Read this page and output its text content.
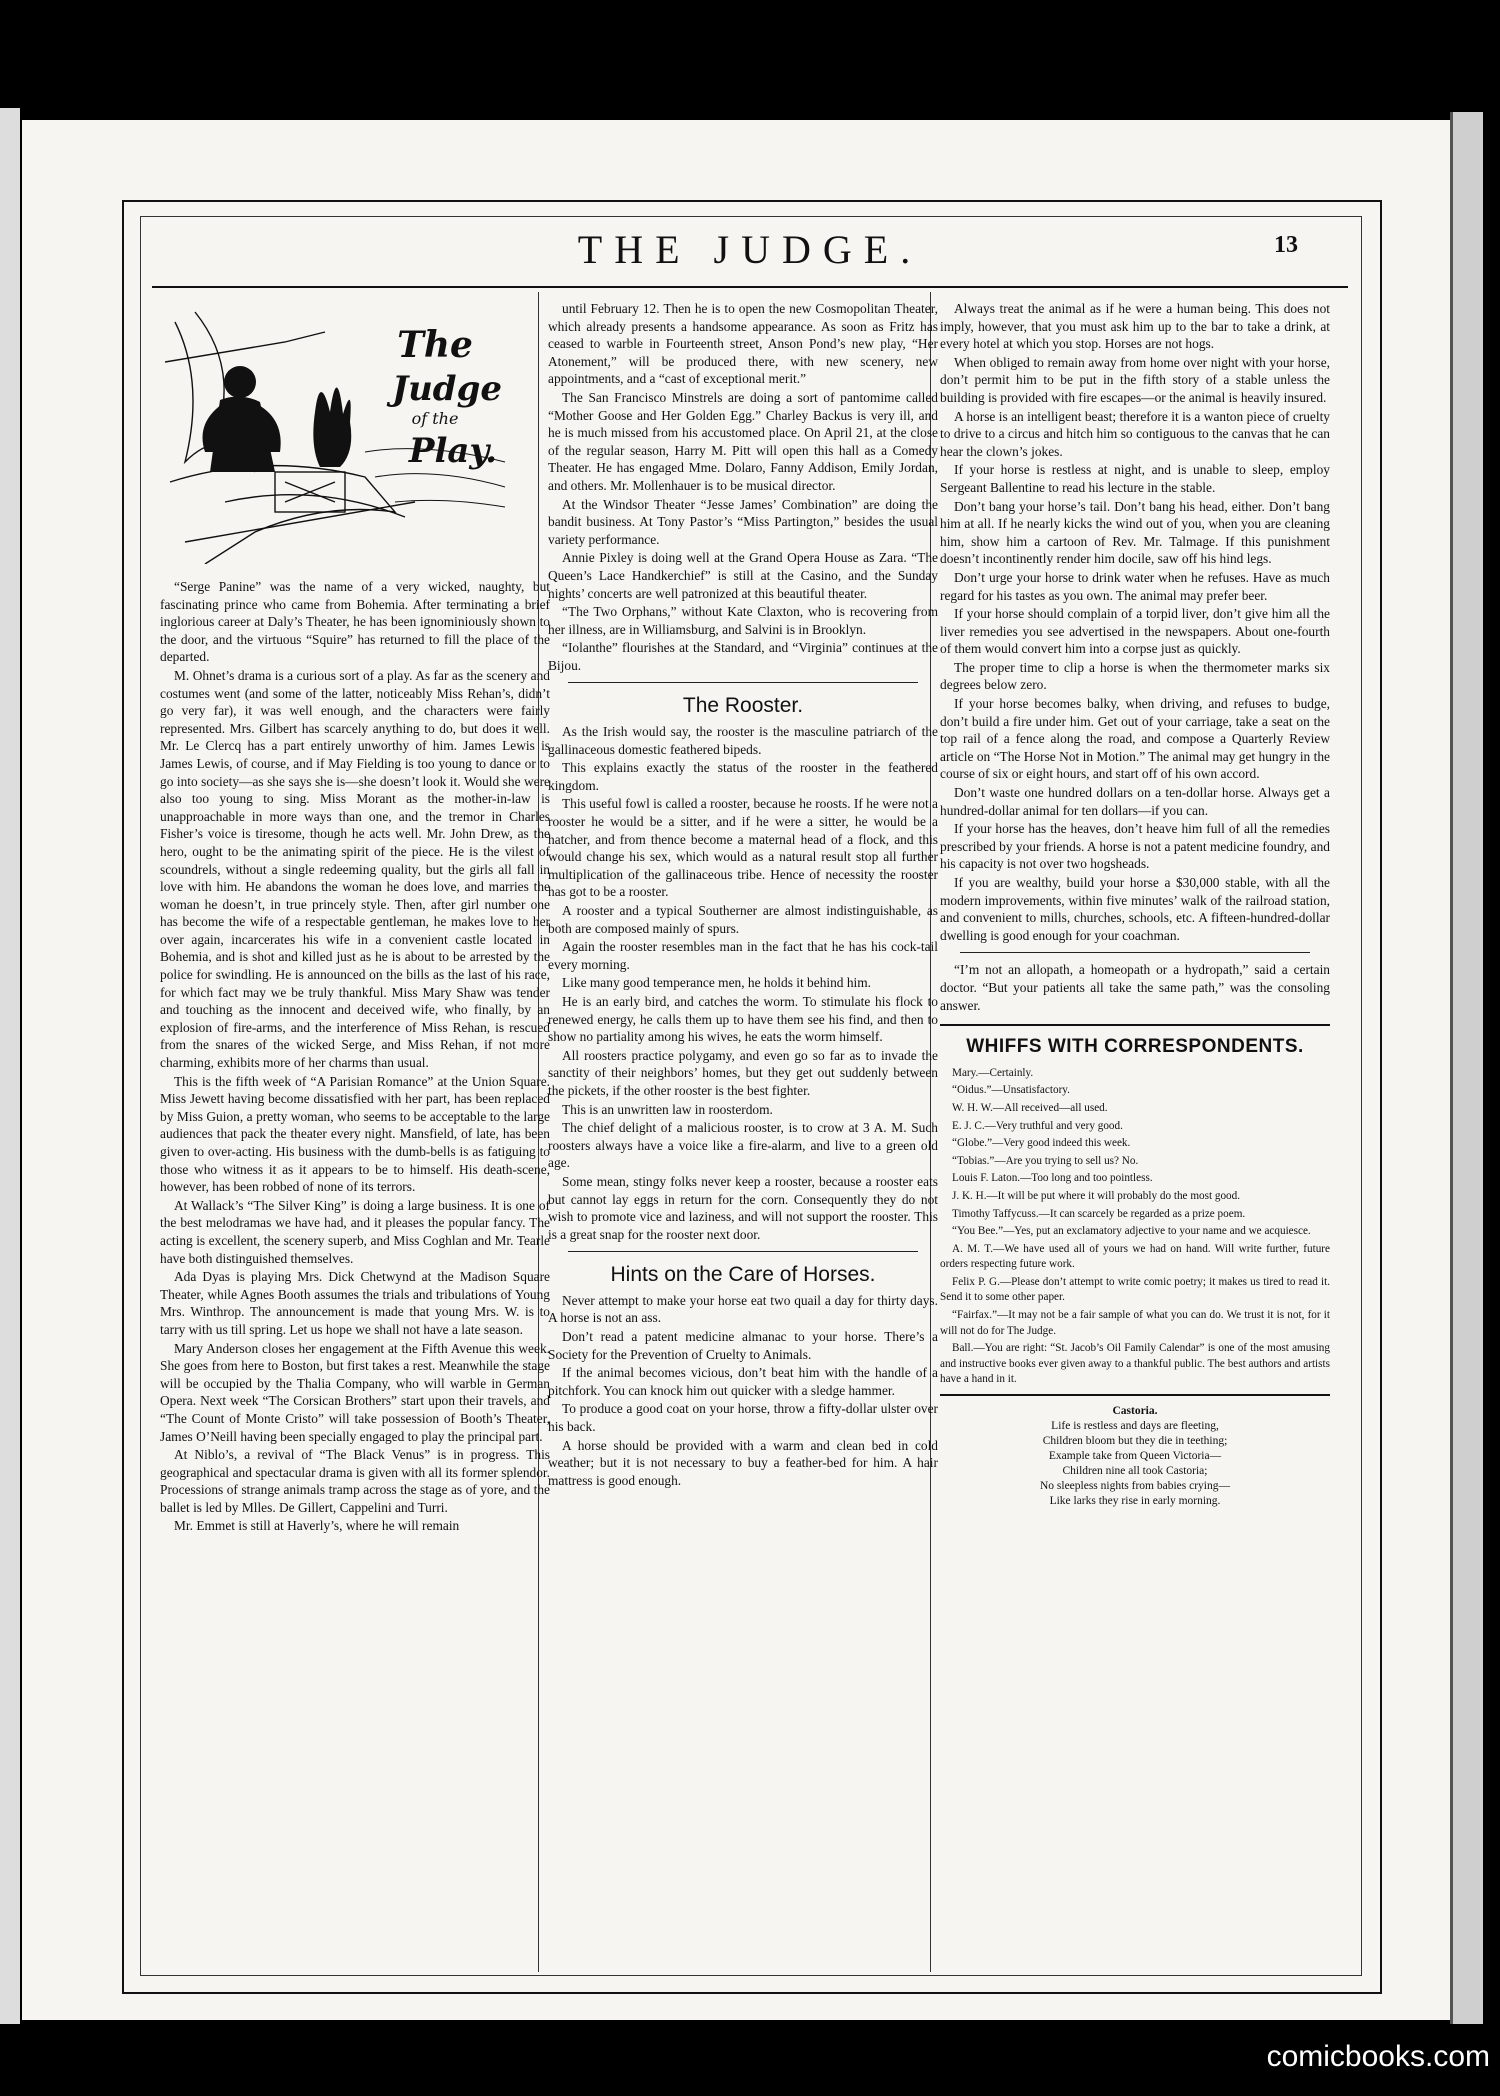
THE JUDGE.	13
The
Judge
of the
Play.

“Serge Panine” was the name of a very wicked, naughty, but fascinating prince who came from Bohemia. After terminating a brief inglorious career at Daly’s Theater, he has been ignominiously shown to the door, and the virtuous “Squire” has returned to fill the place of the departed.

M. Ohnet’s drama is a curious sort of a play. As far as the scenery and costumes went (and some of the latter, noticeably Miss Rehan’s, didn’t go very far), it was well enough, and the characters were fairly represented. Mrs. Gilbert has scarcely anything to do, but does it well. Mr. Le Clercq has a part entirely unworthy of him. James Lewis is James Lewis, of course, and if May Fielding is too young to dance or to go into society—as she says she is—she doesn’t look it. Would she were also too young to sing. Miss Morant as the mother-in-law is unapproachable in more ways than one, and the tremor in Charles Fisher’s voice is tiresome, though he acts well. Mr. John Drew, as the hero, ought to be the animating spirit of the piece. He is the vilest of scoundrels, without a single redeeming quality, but the girls all fall in love with him. He abandons the woman he does love, and marries the woman he doesn’t, in true princely style. Then, after girl number one has become the wife of a respectable gentleman, he makes love to her over again, incarcerates his wife in a convenient castle located in Bohemia, and is shot and killed just as he is about to be arrested by the police for swindling. He is announced on the bills as the last of his race, for which fact may we be truly thankful. Miss Mary Shaw was tender and touching as the innocent and deceived wife, who finally, by an explosion of fire-arms, and the interference of Miss Rehan, is rescued from the snares of the wicked Serge, and Miss Rehan, if not more charming, exhibits more of her charms than usual.

This is the fifth week of “A Parisian Romance” at the Union Square. Miss Jewett having become dissatisfied with her part, has been replaced by Miss Guion, a pretty woman, who seems to be acceptable to the large audiences that pack the theater every night. Mansfield, of late, has been given to over-acting. His business with the dumb-bells is as fatiguing to those who witness it as it appears to be to himself. His death-scene, however, has been robbed of none of its terrors.

At Wallack’s “The Silver King” is doing a large business. It is one of the best melodramas we have had, and it pleases the popular fancy. The acting is excellent, the scenery superb, and Miss Coghlan and Mr. Tearle have both distinguished themselves.

Ada Dyas is playing Mrs. Dick Chetwynd at the Madison Square Theater, while Agnes Booth assumes the trials and tribulations of Young Mrs. Winthrop. The announcement is made that young Mrs. W. is to tarry with us till spring. Let us hope we shall not have a late season.

Mary Anderson closes her engagement at the Fifth Avenue this week. She goes from here to Boston, but first takes a rest. Meanwhile the stage will be occupied by the Thalia Company, who will warble in German Opera. Next week “The Corsican Brothers” start upon their travels, and “The Count of Monte Cristo” will take possession of Booth’s Theater, James O’Neill having been specially engaged to play the principal part.

At Niblo’s, a revival of “The Black Venus” is in progress. This geographical and spectacular drama is given with all its former splendor. Processions of strange animals tramp across the stage as of yore, and the ballet is led by Mlles. De Gillert, Cappelini and Turri.

Mr. Emmet is still at Haverly’s, where he will remain

until February 12. Then he is to open the new Cosmopolitan Theater, which already presents a handsome appearance. As soon as Fritz has ceased to warble in Fourteenth street, Anson Pond’s new play, “Her Atonement,” will be produced there, with new scenery, new appointments, and a “cast of exceptional merit.”

The San Francisco Minstrels are doing a sort of pantomime called “Mother Goose and Her Golden Egg.” Charley Backus is very ill, and he is much missed from his accustomed place. On April 21, at the close of the regular season, Harry M. Pitt will open this hall as a Comedy Theater. He has engaged Mme. Dolaro, Fanny Addison, Emily Jordan, and others. Mr. Mollenhauer is to be musical director.

At the Windsor Theater “Jesse James’ Combination” are doing the bandit business. At Tony Pastor’s “Miss Partington,” besides the usual variety performance.

Annie Pixley is doing well at the Grand Opera House as Zara. “The Queen’s Lace Handkerchief” is still at the Casino, and the Sunday nights’ concerts are well patronized at this beautiful theater.

“The Two Orphans,” without Kate Claxton, who is recovering from her illness, are in Williamsburg, and Salvini is in Brooklyn.

“Iolanthe” flourishes at the Standard, and “Virginia” continues at the Bijou.

The Rooster.

As the Irish would say, the rooster is the masculine patriarch of the gallinaceous domestic feathered bipeds.

This explains exactly the status of the rooster in the feathered kingdom.

This useful fowl is called a rooster, because he roosts. If he were not a rooster he would be a sitter, and if he were a sitter, he would be a hatcher, and from thence become a maternal head of a flock, and this would change his sex, which would as a natural result stop all further multiplication of the gallinaceous tribe. Hence of necessity the rooster has got to be a rooster.

A rooster and a typical Southerner are almost indistinguishable, as both are composed mainly of spurs.

Again the rooster resembles man in the fact that he has his cock-tail every morning.

Like many good temperance men, he holds it behind him.

He is an early bird, and catches the worm. To stimulate his flock to renewed energy, he calls them up to have them see his find, and then to show no partiality among his wives, he eats the worm himself.

All roosters practice polygamy, and even go so far as to invade the sanctity of their neighbors’ homes, but they get out suddenly between the pickets, if the other rooster is the best fighter.

This is an unwritten law in roosterdom.

The chief delight of a malicious rooster, is to crow at 3 A. M. Such roosters always have a voice like a fire-alarm, and live to a green old age.

Some mean, stingy folks never keep a rooster, because a rooster eats but cannot lay eggs in return for the corn. Consequently they do not wish to promote vice and laziness, and will not support the rooster. This is a great snap for the rooster next door.

Hints on the Care of Horses.

Never attempt to make your horse eat two quail a day for thirty days. A horse is not an ass.

Don’t read a patent medicine almanac to your horse. There’s a Society for the Prevention of Cruelty to Animals.

If the animal becomes vicious, don’t beat him with the handle of a pitchfork. You can knock him out quicker with a sledge hammer.

To produce a good coat on your horse, throw a fifty-dollar ulster over his back.

A horse should be provided with a warm and clean bed in cold weather; but it is not necessary to buy a feather-bed for him. A hair mattress is good enough.

Always treat the animal as if he were a human being. This does not imply, however, that you must ask him up to the bar to take a drink, at every hotel at which you stop. Horses are not hogs.

When obliged to remain away from home over night with your horse, don’t permit him to be put in the fifth story of a stable unless the building is provided with fire escapes—or the animal is heavily insured.

A horse is an intelligent beast; therefore it is a wanton piece of cruelty to drive to a circus and hitch him so contiguous to the canvas that he can hear the clown’s jokes.

If your horse is restless at night, and is unable to sleep, employ Sergeant Ballentine to read his lecture in the stable.

Don’t bang your horse’s tail. Don’t bang his head, either. Don’t bang him at all. If he nearly kicks the wind out of you, when you are cleaning him, show him a cartoon of Rev. Mr. Talmage. If this punishment doesn’t incontinently render him docile, saw off his hind legs.

Don’t urge your horse to drink water when he refuses. Have as much regard for his tastes as you own. The animal may prefer beer.

If your horse should complain of a torpid liver, don’t give him all the liver remedies you see advertised in the newspapers. About one-fourth of them would convert him into a corpse just as quickly.

The proper time to clip a horse is when the thermometer marks six degrees below zero.

If your horse becomes balky, when driving, and refuses to budge, don’t build a fire under him. Get out of your carriage, take a seat on the top rail of a fence along the road, and compose a Quarterly Review article on “The Horse Not in Motion.” The animal may get hungry in the course of six or eight hours, and start off of his own accord.

Don’t waste one hundred dollars on a ten-dollar horse. Always get a hundred-dollar animal for ten dollars—if you can.

If your horse has the heaves, don’t heave him full of all the remedies prescribed by your friends. A horse is not a patent medicine foundry, and his capacity is not over two hogsheads.

If you are wealthy, build your horse a $30,000 stable, with all the modern improvements, within five minutes’ walk of the railroad station, and convenient to mills, churches, schools, etc. A fifteen-hundred-dollar dwelling is good enough for your coachman.

“I’m not an allopath, a homeopath or a hydropath,” said a certain doctor. “But your patients all take the same path,” was the consoling answer.

WHIFFS WITH CORRESPONDENTS.

Mary.—Certainly.

“Oidus.”—Unsatisfactory.

W. H. W.—All received—all used.

E. J. C.—Very truthful and very good.

“Globe.”—Very good indeed this week.

“Tobias.”—Are you trying to sell us? No.

Louis F. Laton.—Too long and too pointless.

J. K. H.—It will be put where it will probably do the most good.

Timothy Taffycuss.—It can scarcely be regarded as a prize poem.

“You Bee.”—Yes, put an exclamatory adjective to your name and we acquiesce.

A. M. T.—We have used all of yours we had on hand. Will write further, future orders respecting future work.

Felix P. G.—Please don’t attempt to write comic poetry; it makes us tired to read it. Send it to some other paper.

“Fairfax.”—It may not be a fair sample of what you can do. We trust it is not, for it will not do for The Judge.

Ball.—You are right: “St. Jacob’s Oil Family Calendar” is one of the most amusing and instructive books ever given away to a thankful public. The best authors and artists have a hand in it.

Castoria.
Life is restless and days are fleeting,
Children bloom but they die in teething;
Example take from Queen Victoria—
Children nine all took Castoria;
No sleepless nights from babies crying—
Like larks they rise in early morning.
comicbooks.com
